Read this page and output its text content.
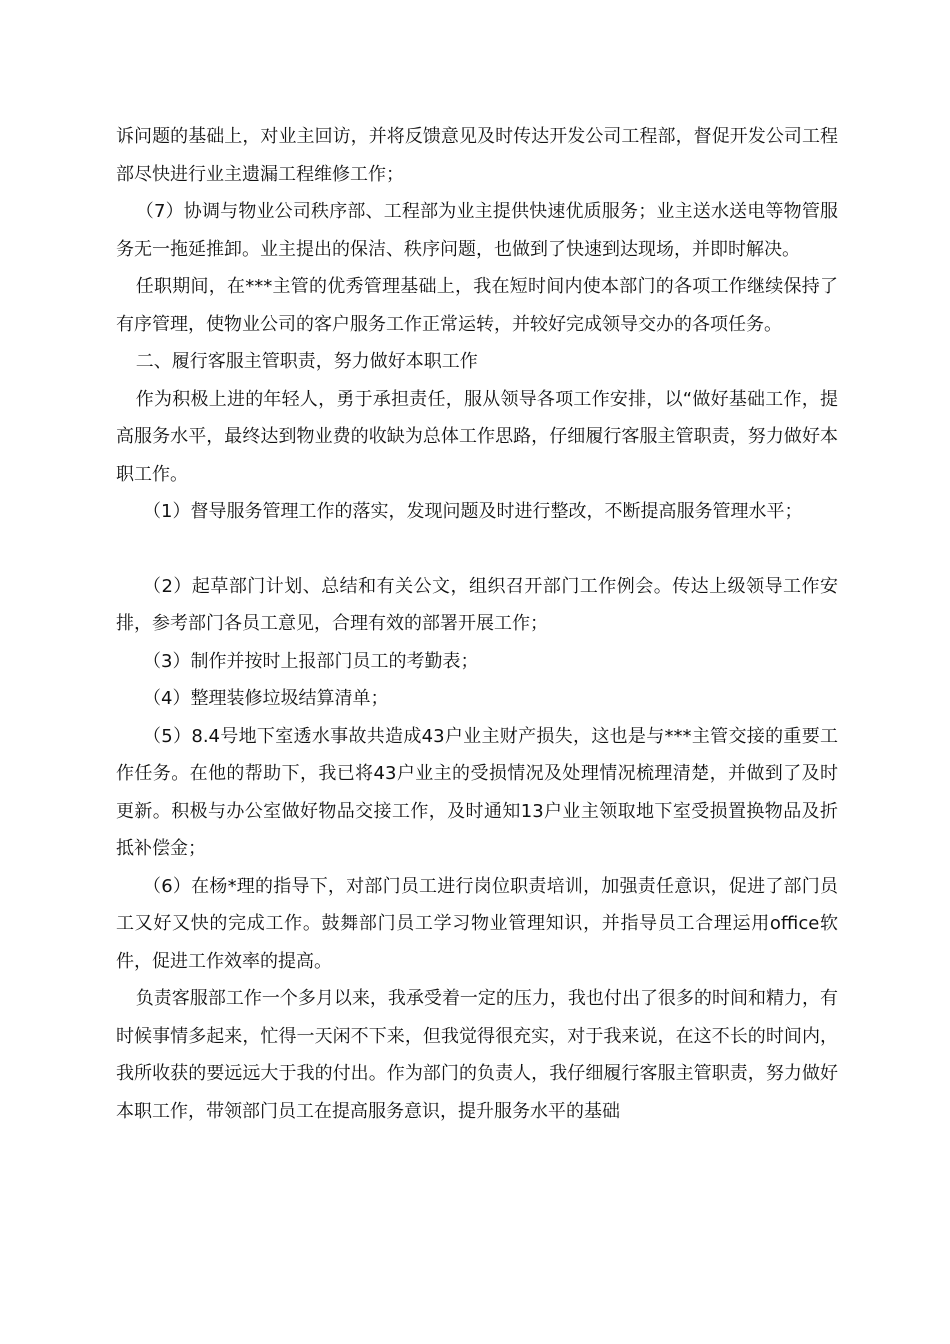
诉问题的基础上，对业主回访，并将反馈意见及时传达开发公司工程部，督促开发公司工程部尽快进行业主遗漏工程维修工作；

（7）协调与物业公司秩序部、工程部为业主提供快速优质服务；业主送水送电等物管服务无一拖延推卸。业主提出的保洁、秩序问题，也做到了快速到达现场，并即时解决。

任职期间，在***主管的优秀管理基础上，我在短时间内使本部门的各项工作继续保持了有序管理，使物业公司的客户服务工作正常运转，并较好完成领导交办的各项任务。

二、履行客服主管职责，努力做好本职工作

作为积极上进的年轻人，勇于承担责任，服从领导各项工作安排，以“做好基础工作，提高服务水平，最终达到物业费的收缺为总体工作思路，仔细履行客服主管职责，努力做好本职工作。

（1）督导服务管理工作的落实，发现问题及时进行整改，不断提高服务管理水平；

（2）起草部门计划、总结和有关公文，组织召开部门工作例会。传达上级领导工作安排，参考部门各员工意见，合理有效的部署开展工作；

（3）制作并按时上报部门员工的考勤表；

（4）整理装修垃圾结算清单；

（5）8.4号地下室透水事故共造成43户业主财产损失，这也是与***主管交接的重要工作任务。在他的帮助下，我已将43户业主的受损情况及处理情况梳理清楚，并做到了及时更新。积极与办公室做好物品交接工作，及时通知13户业主领取地下室受损置换物品及折抵补偿金；

（6）在杨*理的指导下，对部门员工进行岗位职责培训，加强责任意识，促进了部门员工又好又快的完成工作。鼓舞部门员工学习物业管理知识，并指导员工合理运用office软件，促进工作效率的提高。

负责客服部工作一个多月以来，我承受着一定的压力，我也付出了很多的时间和精力，有时候事情多起来，忙得一天闲不下来，但我觉得很充实，对于我来说，在这不长的时间内，我所收获的要远远大于我的付出。作为部门的负责人，我仔细履行客服主管职责，努力做好本职工作，带领部门员工在提高服务意识，提升服务水平的基础
